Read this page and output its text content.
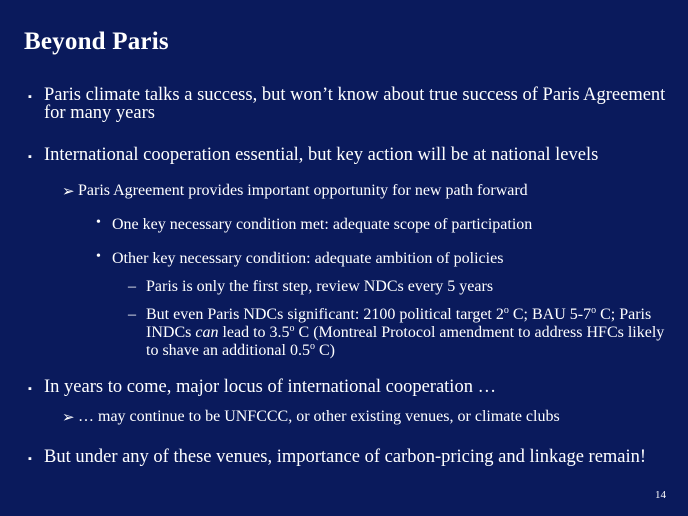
Beyond Paris
▪ Paris climate talks a success, but won’t know about true success of Paris Agreement for many years
▪ International cooperation essential, but key action will be at national levels
➢ Paris Agreement provides important opportunity for new path forward
• One key necessary condition met: adequate scope of participation
• Other key necessary condition: adequate ambition of policies
– Paris is only the first step, review NDCs every 5 years
– But even Paris NDCs significant: 2100 political target 2$^o$ C; BAU 5-7$^o$ C; Paris INDCs can lead to 3.5$^o$ C (Montreal Protocol amendment to address HFCs likely to shave an additional 0.5$^o$ C)
▪ In years to come, major locus of international cooperation …
➢ … may continue to be UNFCCC, or other existing venues, or climate clubs
▪ But under any of these venues, importance of carbon-pricing and linkage remain!
14
